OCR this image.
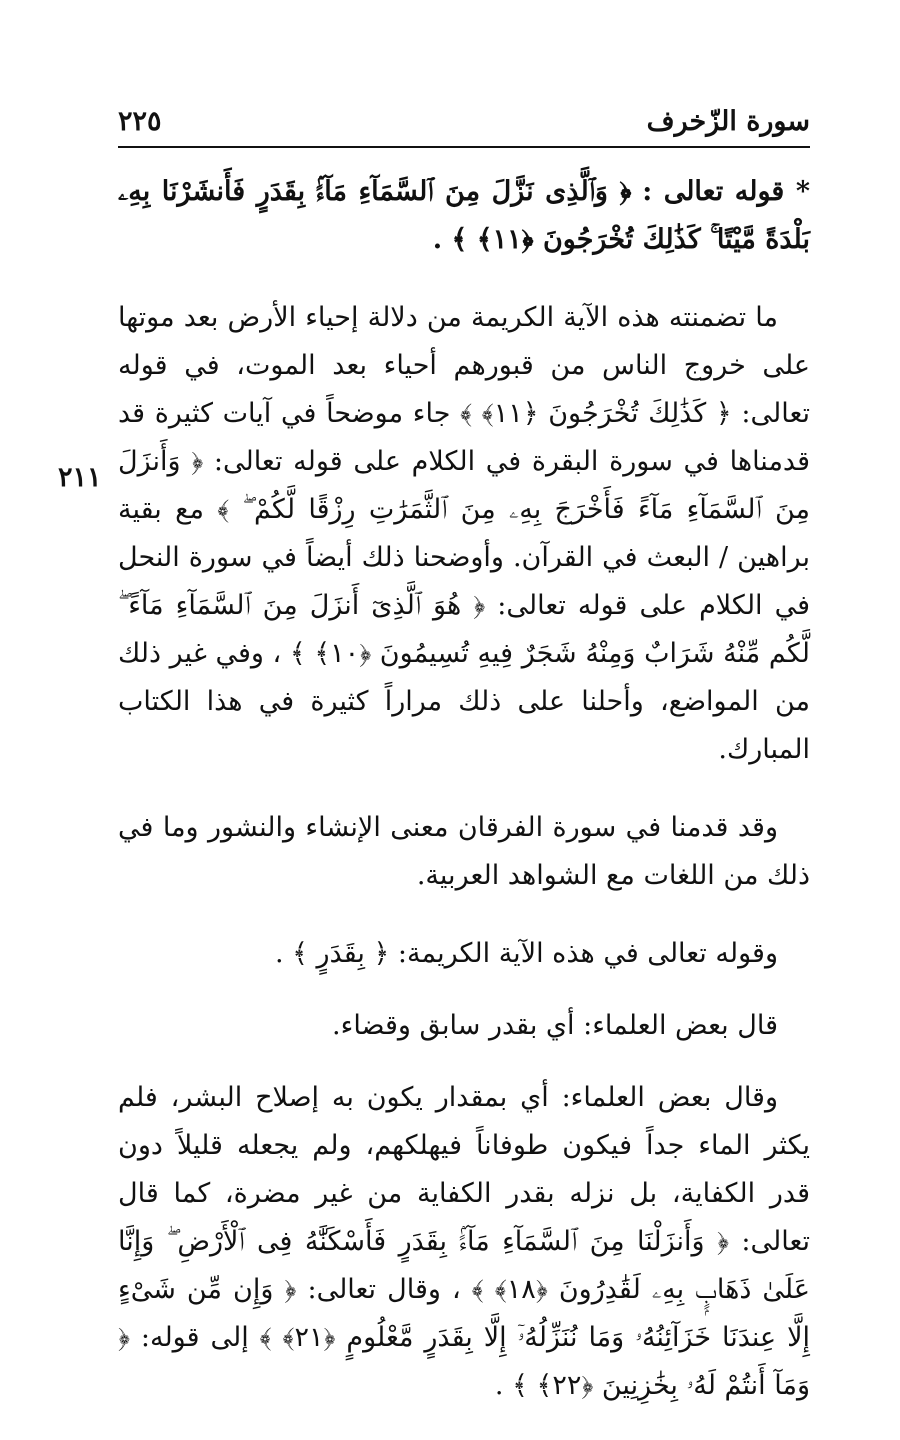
سورة الزّخرف
٢٢٥
٢١١

* قوله تعالى : ﴿ وَٱلَّذِى نَزَّلَ مِنَ ٱلسَّمَآءِ مَآءًۢ بِقَدَرٍ فَأَنشَرْنَا بِهِۦ بَلْدَةً مَّيْتًا ۚ كَذَٰلِكَ تُخْرَجُونَ ﴿١١﴾ ﴾ .

ما تضمنته هذه الآية الكريمة من دلالة إحياء الأرض بعد موتها على خروج الناس من قبورهم أحياء بعد الموت، في قوله تعالى: ﴿ كَذَٰلِكَ تُخْرَجُونَ ﴿١١﴾ ﴾ جاء موضحاً في آيات كثيرة قد قدمناها في سورة البقرة في الكلام على قوله تعالى: ﴿ وَأَنزَلَ مِنَ ٱلسَّمَآءِ مَآءً فَأَخْرَجَ بِهِۦ مِنَ ٱلثَّمَرَٰتِ رِزْقًا لَّكُمْ ۖ ﴾ مع بقية براهين / البعث في القرآن. وأوضحنا ذلك أيضاً في سورة النحل في الكلام على قوله تعالى: ﴿ هُوَ ٱلَّذِىٓ أَنزَلَ مِنَ ٱلسَّمَآءِ مَآءً ۖ لَّكُم مِّنْهُ شَرَابٌ وَمِنْهُ شَجَرٌ فِيهِ تُسِيمُونَ ﴿١٠﴾ ﴾ ، وفي غير ذلك من المواضع، وأحلنا على ذلك مراراً كثيرة في هذا الكتاب المبارك.

وقد قدمنا في سورة الفرقان معنى الإنشاء والنشور وما في ذلك من اللغات مع الشواهد العربية.

وقوله تعالى في هذه الآية الكريمة: ﴿ بِقَدَرٍ ﴾ .

قال بعض العلماء: أي بقدر سابق وقضاء.

وقال بعض العلماء: أي بمقدار يكون به إصلاح البشر، فلم يكثر الماء جداً فيكون طوفاناً فيهلكهم، ولم يجعله قليلاً دون قدر الكفاية، بل نزله بقدر الكفاية من غير مضرة، كما قال تعالى: ﴿ وَأَنزَلْنَا مِنَ ٱلسَّمَآءِ مَآءًۢ بِقَدَرٍ فَأَسْكَنَّٰهُ فِى ٱلْأَرْضِ ۖ وَإِنَّا عَلَىٰ ذَهَابٍۭ بِهِۦ لَقَٰدِرُونَ ﴿١٨﴾ ﴾ ، وقال تعالى: ﴿ وَإِن مِّن شَىْءٍ إِلَّا عِندَنَا خَزَآئِنُهُۥ وَمَا نُنَزِّلُهُۥٓ إِلَّا بِقَدَرٍ مَّعْلُومٍ ﴿٢١﴾ ﴾ إلى قوله: ﴿ وَمَآ أَنتُمْ لَهُۥ بِخَٰزِنِينَ ﴿٢٢﴾ ﴾ .
